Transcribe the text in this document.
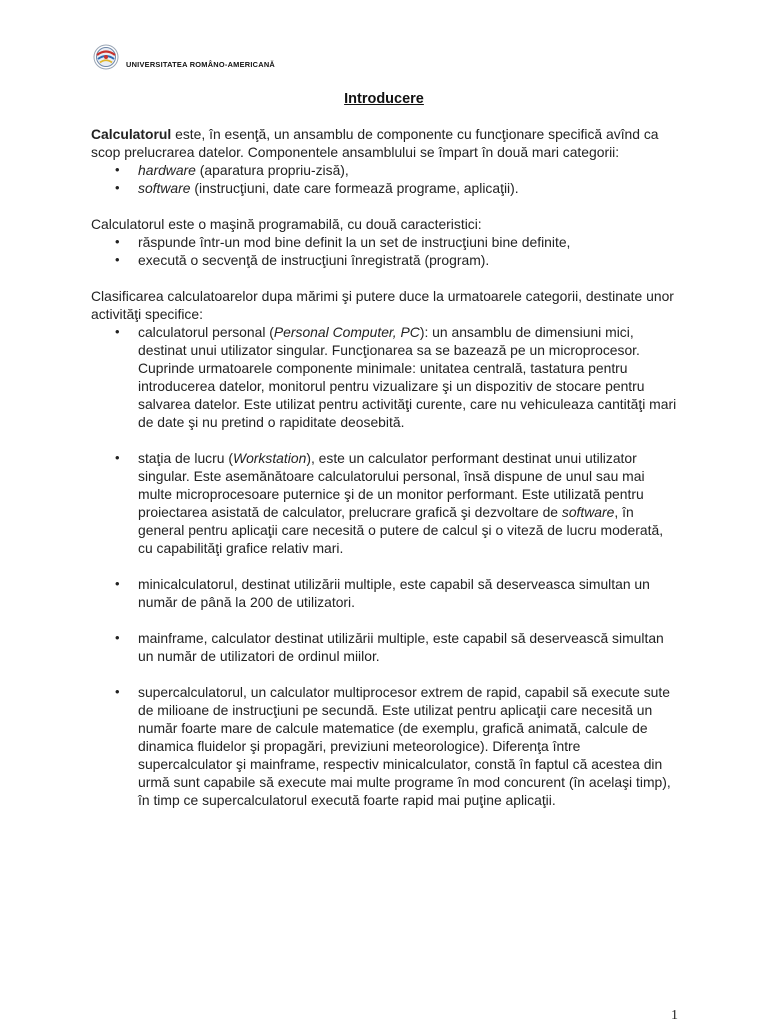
UNIVERSITATEA ROMÂNO-AMERICANĂ
Introducere

Calculatorul este, în esenţă, un ansamblu de componente cu funcţionare specifică avînd ca scop prelucrarea datelor. Componentele ansamblului se împart în două mari categorii:

• hardware (aparatura propriu-zisă),
• software (instrucţiuni, date care formează programe, aplicaţii).

Calculatorul este o maşină programabilă, cu două caracteristici:

• răspunde într-un mod bine definit la un set de instrucţiuni bine definite,
• execută o secvenţă de instrucţiuni înregistrată (program).

Clasificarea calculatoarelor dupa mărimi şi putere duce la urmatoarele categorii, destinate unor activităţi specifice:

• calculatorul personal (Personal Computer, PC): un ansamblu de dimensiuni mici, destinat unui utilizator singular. Funcţionarea sa se bazează pe un microprocesor. Cuprinde urmatoarele componente minimale: unitatea centrală, tastatura pentru introducerea datelor, monitorul pentru vizualizare şi un dispozitiv de stocare pentru salvarea datelor. Este utilizat pentru activităţi curente, care nu vehiculeaza cantităţi mari de date şi nu pretind o rapiditate deosebită.
• staţia de lucru (Workstation), este un calculator performant destinat unui utilizator singular. Este asemănătoare calculatorului personal, însă dispune de unul sau mai multe microprocesoare puternice şi de un monitor performant. Este utilizată pentru proiectarea asistată de calculator, prelucrare grafică şi dezvoltare de software, în general pentru aplicaţii care necesită o putere de calcul şi o viteză de lucru moderată, cu capabilităţi grafice relativ mari.
• minicalculatorul, destinat utilizării multiple, este capabil să deserveasca simultan un număr de până la 200 de utilizatori.
• mainframe, calculator destinat utilizării multiple, este capabil să deservească simultan un număr de utilizatori de ordinul miilor.
• supercalculatorul, un calculator multiprocesor extrem de rapid, capabil să execute sute de milioane de instrucţiuni pe secundă. Este utilizat pentru aplicaţii care necesită un număr foarte mare de calcule matematice (de exemplu, grafică animată, calcule de dinamica fluidelor şi propagări, previziuni meteorologice). Diferenţa între supercalculator şi mainframe, respectiv minicalculator, constă în faptul că acestea din urmă sunt capabile să execute mai multe programe în mod concurent (în acelaşi timp), în timp ce supercalculatorul execută foarte rapid mai puţine aplicaţii.
1
